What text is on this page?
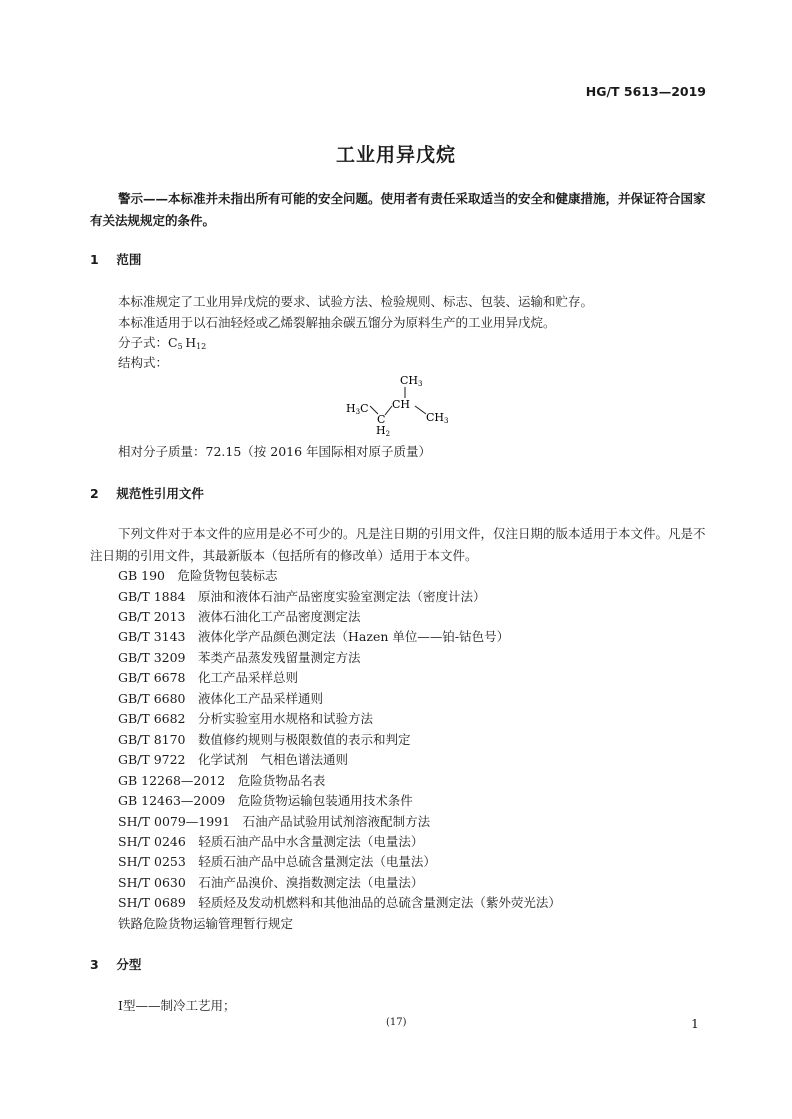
HG/T 5613—2019
工业用异戊烷
警示——本标准并未指出所有可能的安全问题。使用者有责任采取适当的安全和健康措施，并保证符合国家有关法规规定的条件。
1 范围
本标准规定了工业用异戊烷的要求、试验方法、检验规则、标志、包装、运输和贮存。
本标准适用于以石油轻烃或乙烯裂解抽余碳五馏分为原料生产的工业用异戊烷。
分子式：$C_5$  $H_{12}$
结构式：
CH3
CH
H3C
C
H2
CH3
相对分子质量：72.15（按 2016 年国际相对原子质量）
2 规范性引用文件
下列文件对于本文件的应用是必不可少的。凡是注日期的引用文件，仅注日期的版本适用于本文件。凡是不注日期的引用文件，其最新版本（包括所有的修改单）适用于本文件。
GB 190　 危险货物包装标志
GB/T 1884　 原油和液体石油产品密度实验室测定法（密度计法）
GB/T 2013　 液体石油化工产品密度测定法
GB/T 3143　 液体化学产品颜色测定法（Hazen 单位——铂-钴色号）
GB/T 3209　 苯类产品蒸发残留量测定方法
GB/T 6678　 化工产品采样总则
GB/T 6680　 液体化工产品采样通则
GB/T 6682　 分析实验室用水规格和试验方法
GB/T 8170　 数值修约规则与极限数值的表示和判定
GB/T 9722　 化学试剂　气相色谱法通则
GB 12268—2012　 危险货物品名表
GB 12463—2009　 危险货物运输包装通用技术条件
SH/T 0079—1991　 石油产品试验用试剂溶液配制方法
SH/T 0246　 轻质石油产品中水含量测定法（电量法）
SH/T 0253　 轻质石油产品中总硫含量测定法（电量法）
SH/T 0630　 石油产品溴价、溴指数测定法（电量法）
SH/T 0689　 轻质烃及发动机燃料和其他油品的总硫含量测定法（紫外荧光法）
铁路危险货物运输管理暂行规定
3 分型
Ⅰ型——制冷工艺用；
(17)	1
